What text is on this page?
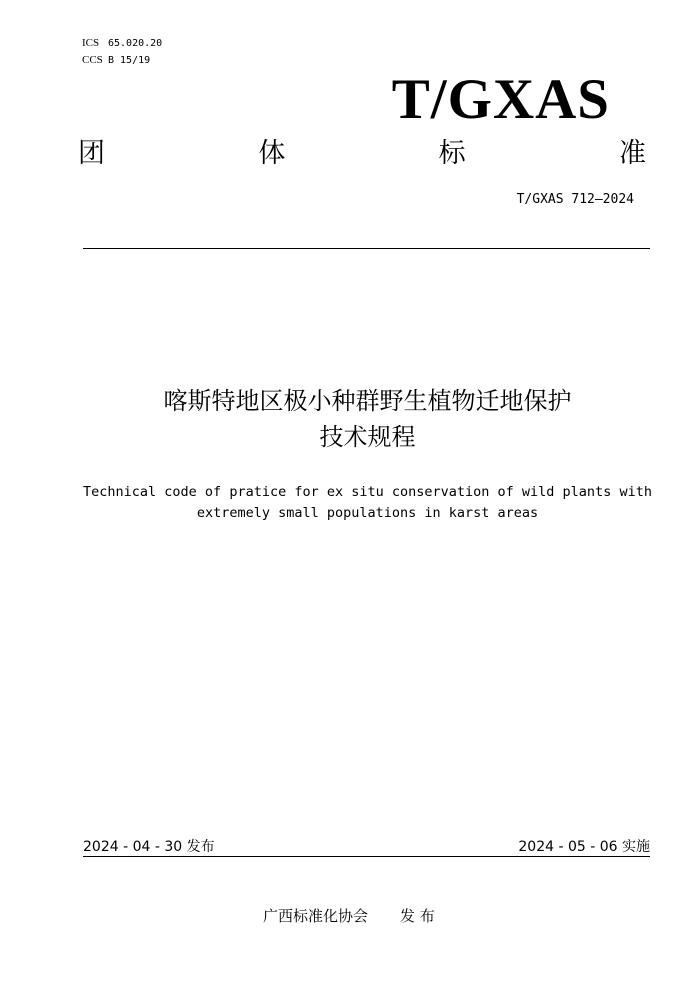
ICS 65.020.20
CCS B 15/19
T/GXAS
团	体	标	准
T/GXAS 712—2024
喀斯特地区极小种群野生植物迁地保护
技术规程
Technical code of pratice for ex situ conservation of wild plants with
extremely small populations in karst areas
2024 - 04 - 30 发布	2024 - 05 - 06 实施
广西标准化协会 发 布
